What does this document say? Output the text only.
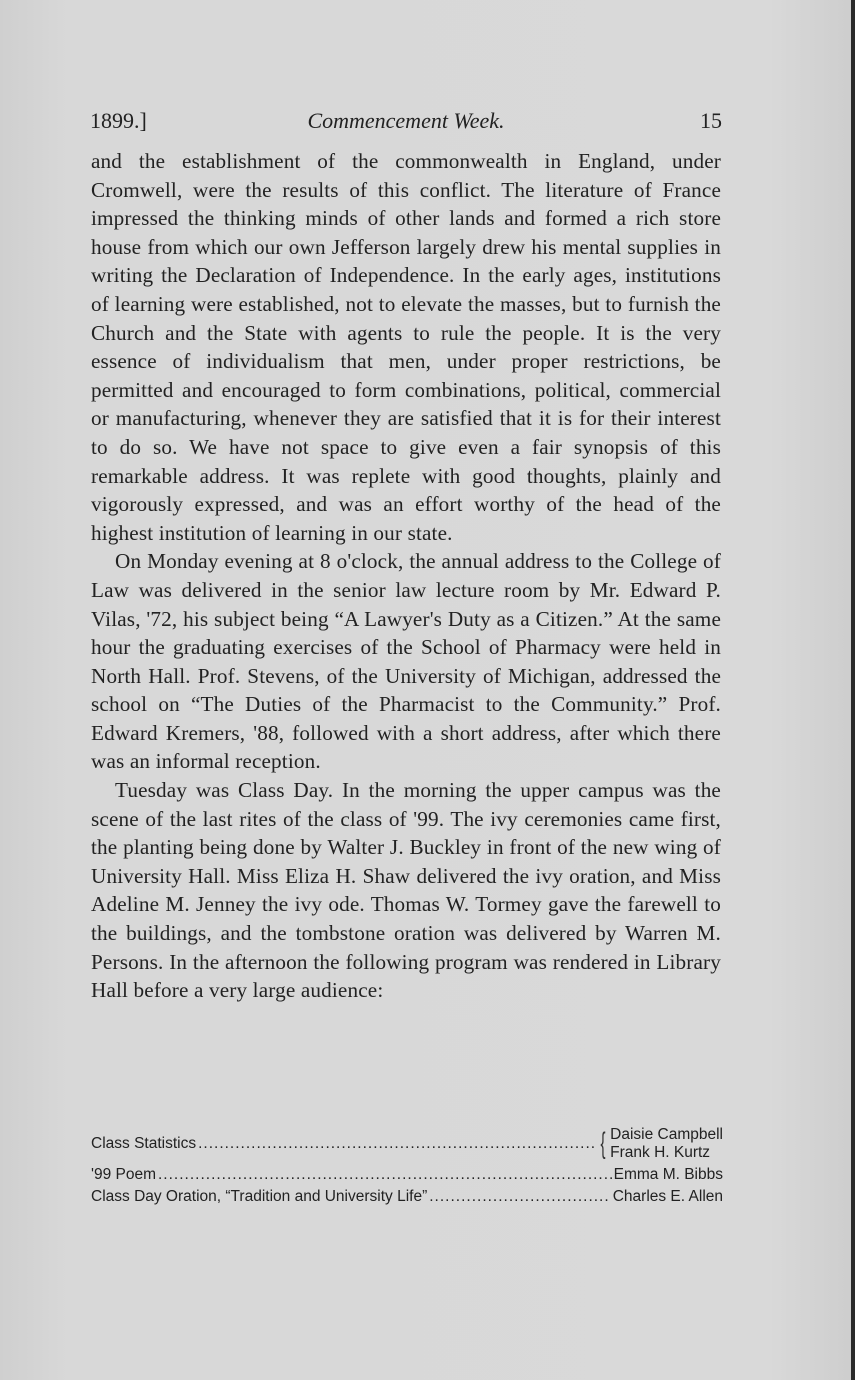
1899.]	Commencement Week.	15

and the establishment of the commonwealth in England, under Cromwell, were the results of this conflict. The literature of France impressed the thinking minds of other lands and formed a rich store house from which our own Jefferson largely drew his mental supplies in writing the Declaration of Independence. In the early ages, institutions of learning were established, not to elevate the masses, but to furnish the Church and the State with agents to rule the people. It is the very essence of individualism that men, under proper restrictions, be permitted and encouraged to form combinations, political, commercial or manufacturing, whenever they are satisfied that it is for their interest to do so. We have not space to give even a fair synopsis of this remarkable address. It was replete with good thoughts, plainly and vigorously expressed, and was an effort worthy of the head of the highest institution of learning in our state.

On Monday evening at 8 o'clock, the annual address to the College of Law was delivered in the senior law lecture room by Mr. Edward P. Vilas, '72, his subject being “A Lawyer's Duty as a Citizen.” At the same hour the graduating exercises of the School of Pharmacy were held in North Hall. Prof. Stevens, of the University of Michigan, addressed the school on “The Duties of the Pharmacist to the Community.” Prof. Edward Kremers, '88, followed with a short address, after which there was an informal reception.

Tuesday was Class Day. In the morning the upper campus was the scene of the last rites of the class of '99. The ivy ceremonies came first, the planting being done by Walter J. Buckley in front of the new wing of University Hall. Miss Eliza H. Shaw delivered the ivy oration, and Miss Adeline M. Jenney the ivy ode. Thomas W. Tormey gave the farewell to the buildings, and the tombstone oration was delivered by Warren M. Persons. In the afternoon the following program was rendered in Library Hall before a very large audience:

Class Statistics .....	{ Daisie Campbell
Frank H. Kurtz
'99 Poem .....	Emma M. Bibbs
Class Day Oration, “Tradition and University Life” .....	Charles E. Allen
